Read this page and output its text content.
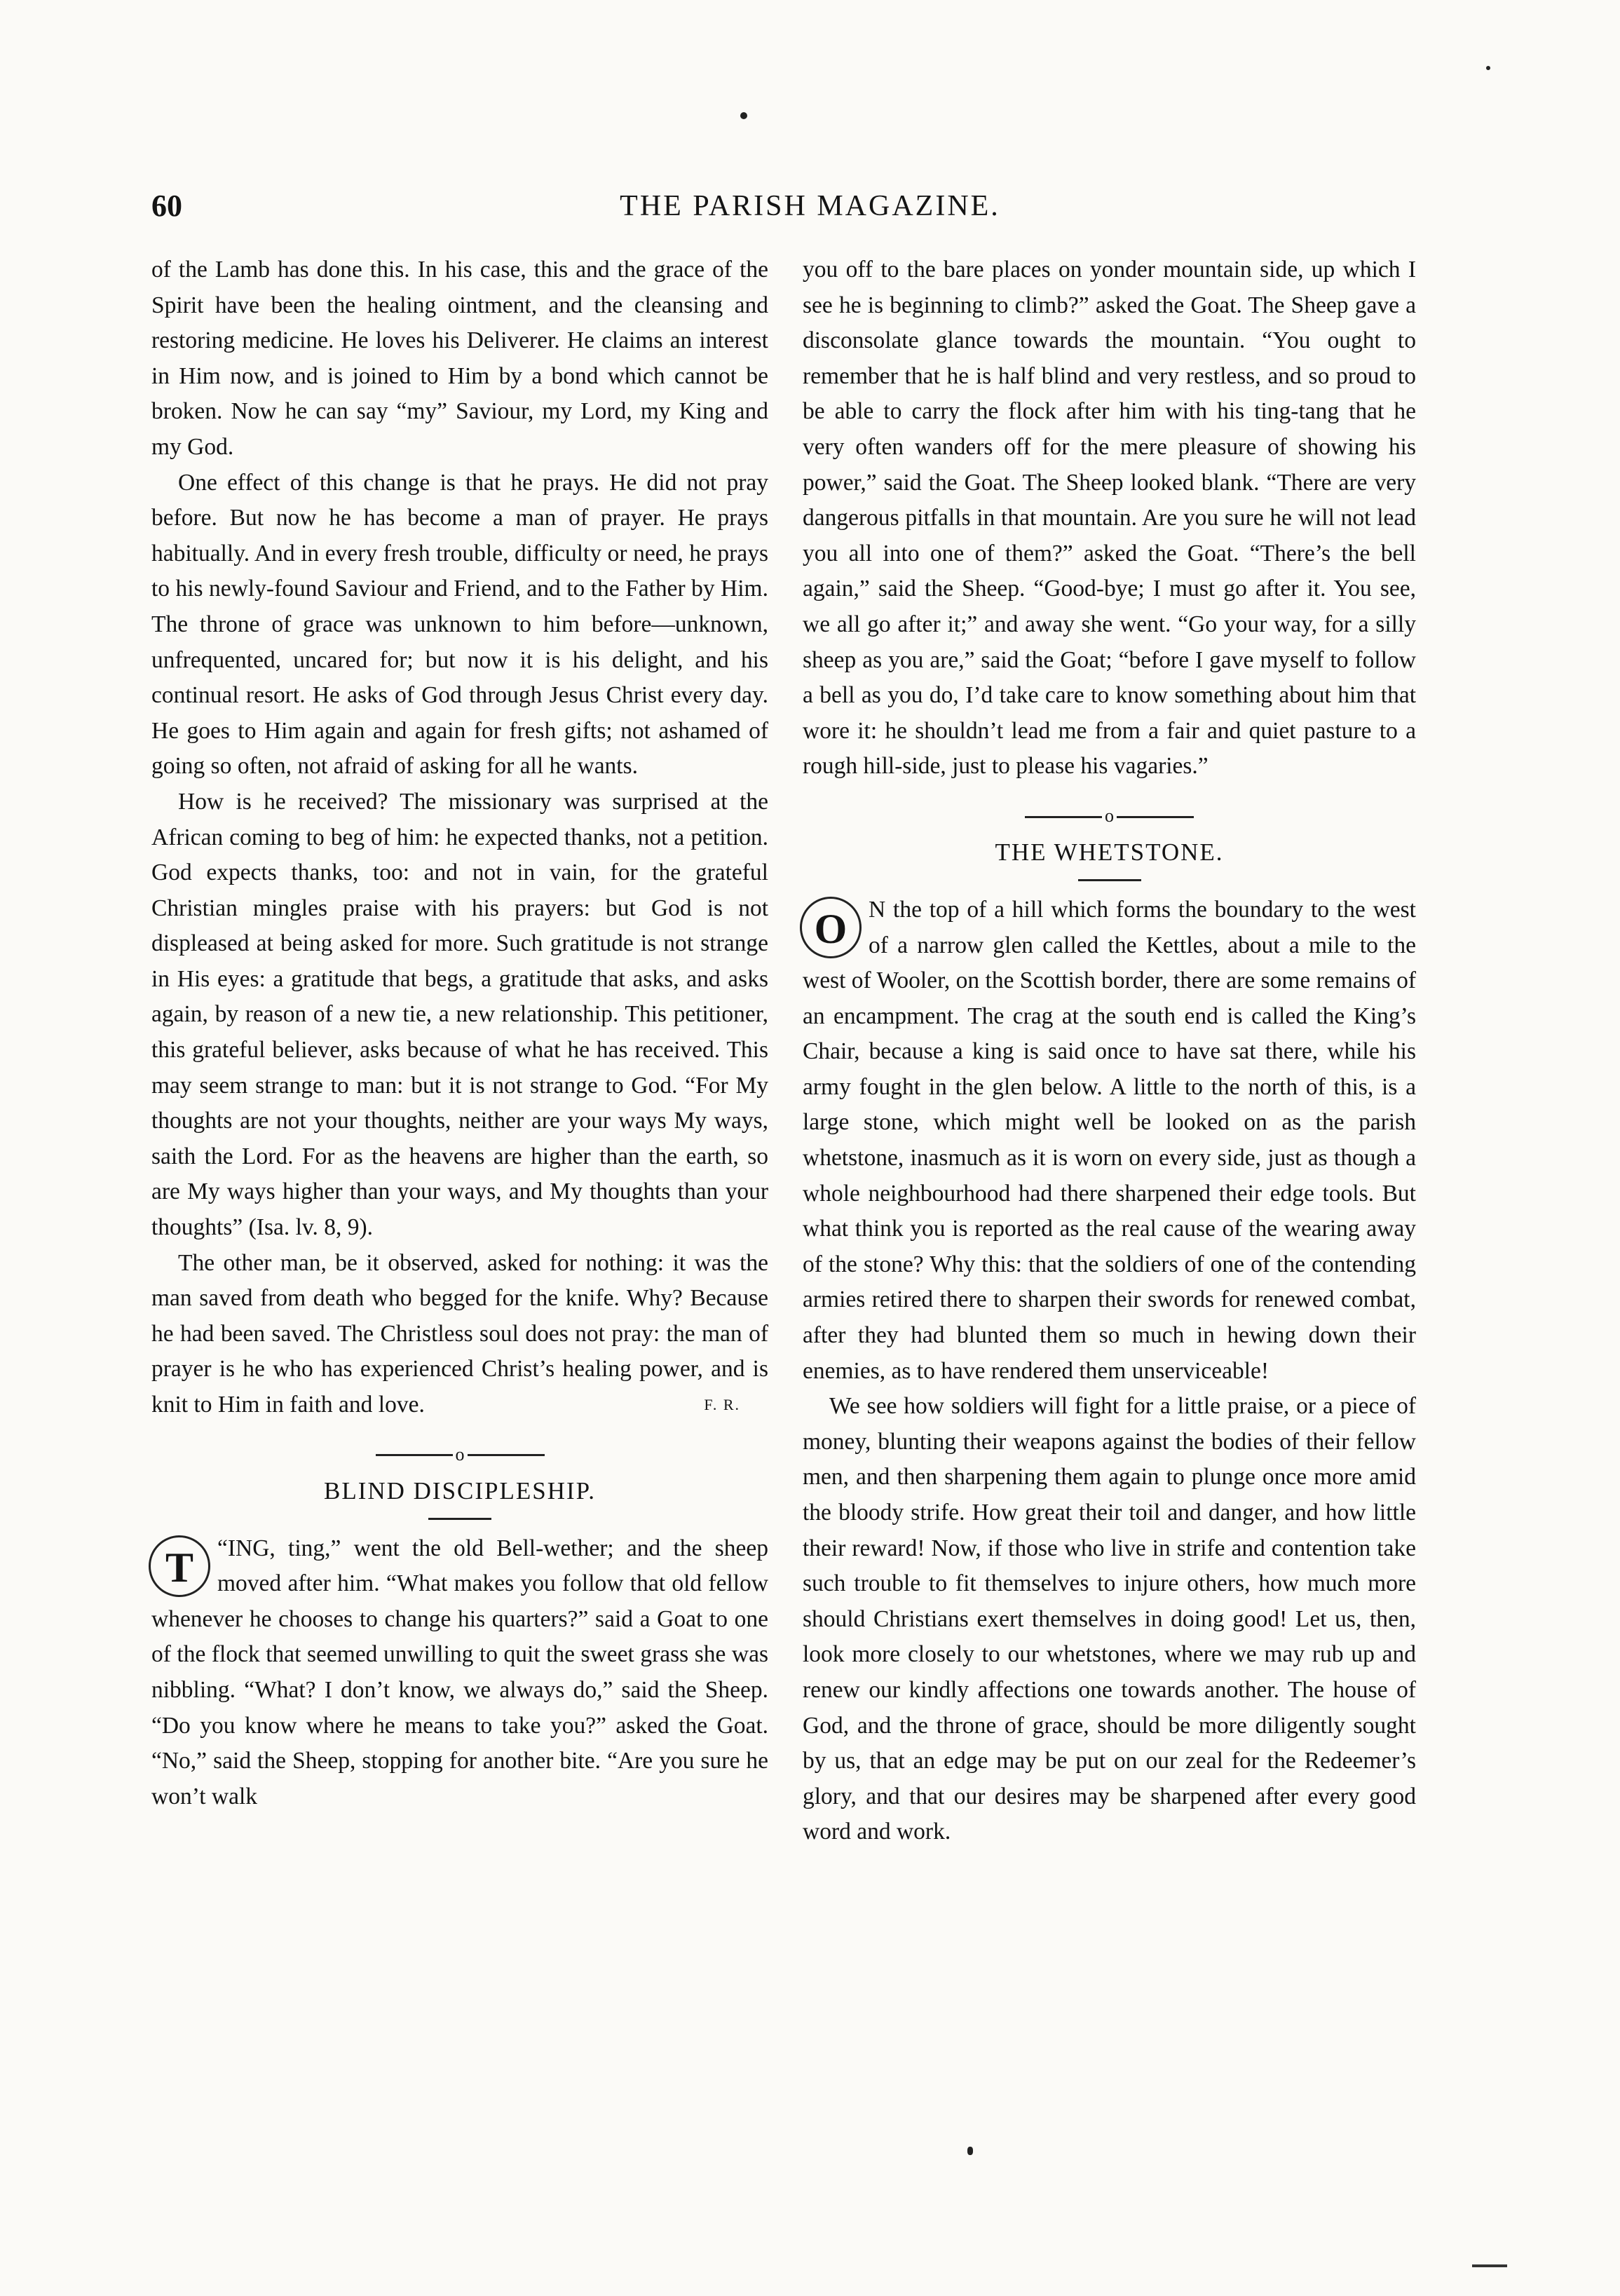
60	THE PARISH MAGAZINE.

of the Lamb has done this. In his case, this and the grace of the Spirit have been the healing ointment, and the cleansing and restoring medicine. He loves his Deliverer. He claims an interest in Him now, and is joined to Him by a bond which cannot be broken. Now he can say “my” Saviour, my Lord, my King and my God.

One effect of this change is that he prays. He did not pray before. But now he has become a man of prayer. He prays habitually. And in every fresh trouble, difficulty or need, he prays to his newly-found Saviour and Friend, and to the Father by Him. The throne of grace was unknown to him before—unknown, unfrequented, uncared for; but now it is his delight, and his continual resort. He asks of God through Jesus Christ every day. He goes to Him again and again for fresh gifts; not ashamed of going so often, not afraid of asking for all he wants.

How is he received? The missionary was surprised at the African coming to beg of him: he expected thanks, not a petition. God expects thanks, too: and not in vain, for the grateful Christian mingles praise with his prayers: but God is not displeased at being asked for more. Such gratitude is not strange in His eyes: a gratitude that begs, a gratitude that asks, and asks again, by reason of a new tie, a new relationship. This petitioner, this grateful believer, asks because of what he has received. This may seem strange to man: but it is not strange to God. “For My thoughts are not your thoughts, neither are your ways My ways, saith the Lord. For as the heavens are higher than the earth, so are My ways higher than your ways, and My thoughts than your thoughts” (Isa. lv. 8, 9).

The other man, be it observed, asked for nothing: it was the man saved from death who begged for the knife. Why? Because he had been saved. The Christless soul does not pray: the man of prayer is he who has experienced Christ’s healing power, and is knit to Him in faith and love.	F. R.

o
BLIND DISCIPLESHIP.

T	“ING, ting,” went the old Bell-wether; and the sheep moved after him. “What makes you follow that old fellow whenever he chooses to change his quarters?” said a Goat to one of the flock that seemed unwilling to quit the sweet grass she was nibbling. “What? I don’t know, we always do,” said the Sheep. “Do you know where he means to take you?” asked the Goat. “No,” said the Sheep, stopping for another bite. “Are you sure he won’t walk

you off to the bare places on yonder mountain side, up which I see he is beginning to climb?” asked the Goat. The Sheep gave a disconsolate glance towards the mountain. “You ought to remember that he is half blind and very restless, and so proud to be able to carry the flock after him with his ting-tang that he very often wanders off for the mere pleasure of showing his power,” said the Goat. The Sheep looked blank. “There are very dangerous pitfalls in that mountain. Are you sure he will not lead you all into one of them?” asked the Goat. “There’s the bell again,” said the Sheep. “Good-bye; I must go after it. You see, we all go after it;” and away she went. “Go your way, for a silly sheep as you are,” said the Goat; “before I gave myself to follow a bell as you do, I’d take care to know something about him that wore it: he shouldn’t lead me from a fair and quiet pasture to a rough hill-side, just to please his vagaries.”

o
THE WHETSTONE.

O N the top of a hill which forms the boundary to the west of a narrow glen called the Kettles, about a mile to the west of Wooler, on the Scottish border, there are some remains of an encampment. The crag at the south end is called the King’s Chair, because a king is said once to have sat there, while his army fought in the glen below. A little to the north of this, is a large stone, which might well be looked on as the parish whetstone, inasmuch as it is worn on every side, just as though a whole neighbourhood had there sharpened their edge tools. But what think you is reported as the real cause of the wearing away of the stone? Why this: that the soldiers of one of the contending armies retired there to sharpen their swords for renewed combat, after they had blunted them so much in hewing down their enemies, as to have rendered them unserviceable!

We see how soldiers will fight for a little praise, or a piece of money, blunting their weapons against the bodies of their fellow men, and then sharpening them again to plunge once more amid the bloody strife. How great their toil and danger, and how little their reward! Now, if those who live in strife and contention take such trouble to fit themselves to injure others, how much more should Christians exert themselves in doing good! Let us, then, look more closely to our whetstones, where we may rub up and renew our kindly affections one towards another. The house of God, and the throne of grace, should be more diligently sought by us, that an edge may be put on our zeal for the Redeemer’s glory, and that our desires may be sharpened after every good word and work.
